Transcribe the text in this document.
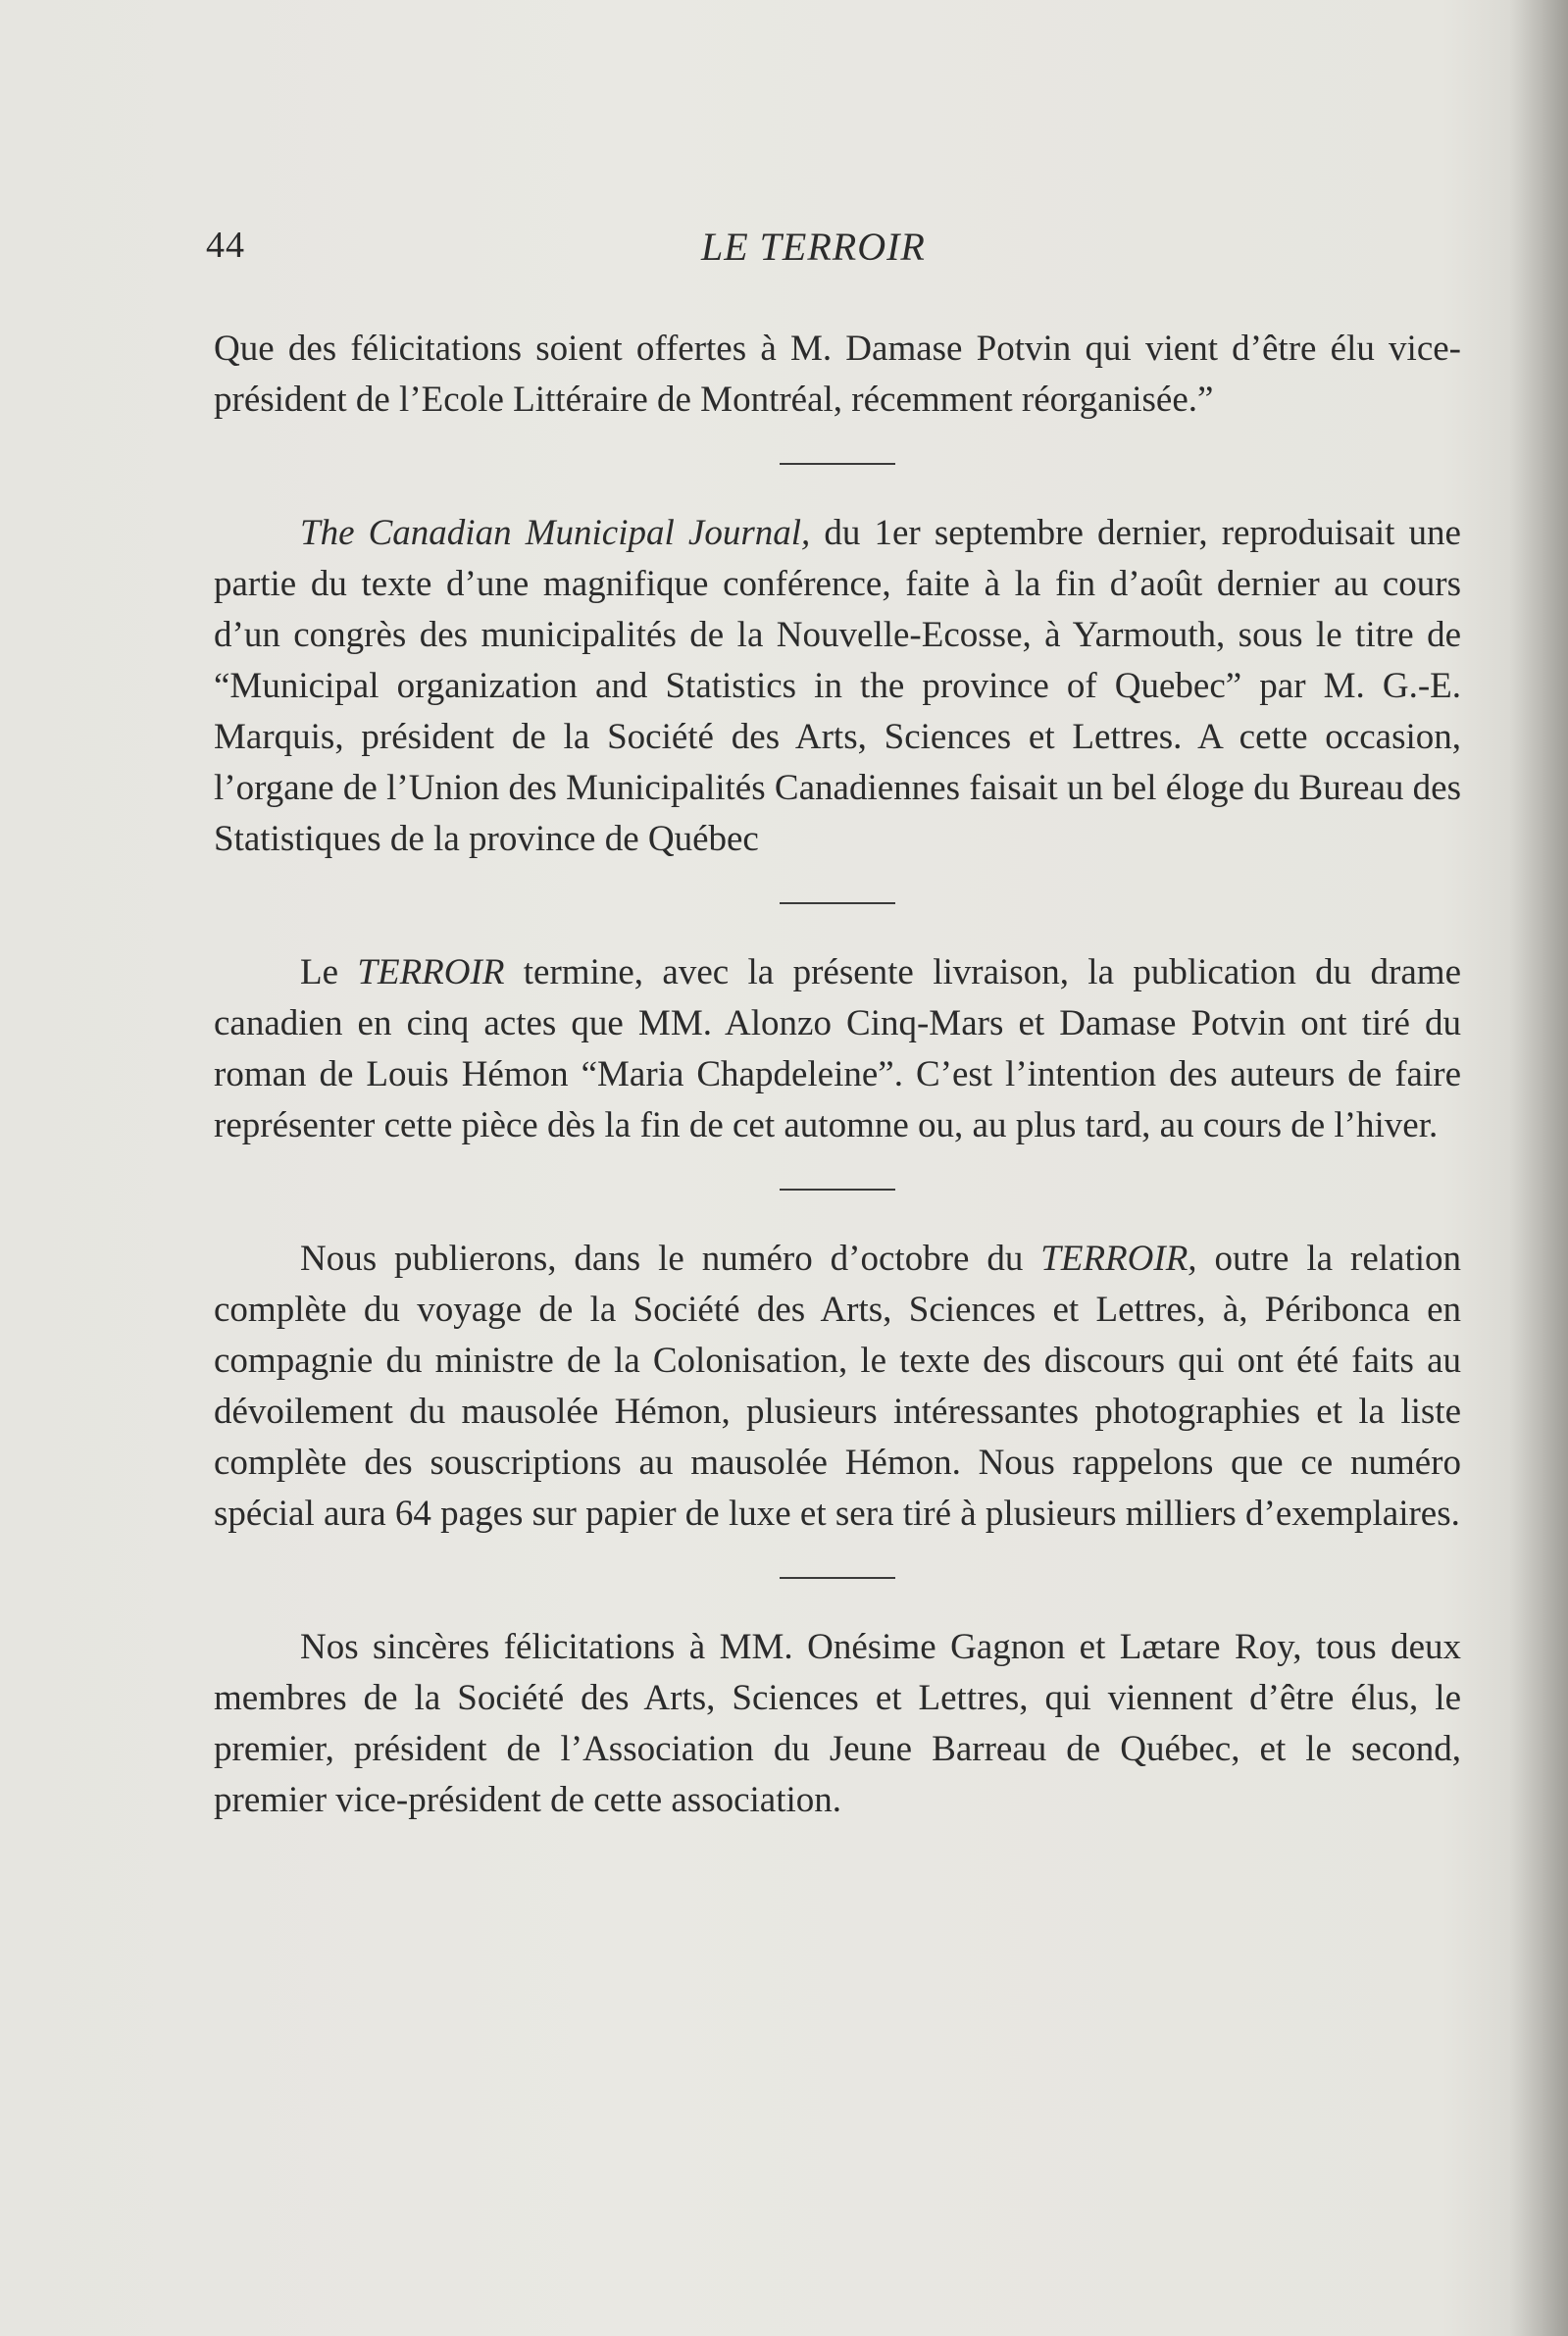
44	LE TERROIR

Que des félicitations soient offertes à M. Damase Potvin qui vient d’être élu vice-président de l’Ecole Littéraire de Montréal, récemment réorganisée.”

The Canadian Municipal Journal, du 1er septembre dernier, reproduisait une partie du texte d’une magnifique conférence, faite à la fin d’août dernier au cours d’un congrès des municipalités de la Nouvelle-Ecosse, à Yarmouth, sous le titre de “Municipal organization and Statistics in the province of Quebec” par M. G.-E. Marquis, président de la Société des Arts, Sciences et Lettres. A cette occasion, l’organe de l’Union des Municipalités Canadiennes faisait un bel éloge du Bureau des Statistiques de la province de Québec

Le TERROIR termine, avec la présente livraison, la publication du drame canadien en cinq actes que MM. Alonzo Cinq-Mars et Damase Potvin ont tiré du roman de Louis Hémon “Maria Chapdeleine”. C’est l’intention des auteurs de faire représenter cette pièce dès la fin de cet automne ou, au plus tard, au cours de l’hiver.

Nous publierons, dans le numéro d’octobre du TERROIR, outre la relation complète du voyage de la Société des Arts, Sciences et Lettres, à, Péribonca en compagnie du ministre de la Colonisation, le texte des discours qui ont été faits au dévoilement du mausolée Hémon, plusieurs intéressantes photographies et la liste complète des souscriptions au mausolée Hémon. Nous rappelons que ce numéro spécial aura 64 pages sur papier de luxe et sera tiré à plusieurs milliers d’exemplaires.

Nos sincères félicitations à MM. Onésime Gagnon et Lætare Roy, tous deux membres de la Société des Arts, Sciences et Lettres, qui viennent d’être élus, le premier, président de l’Association du Jeune Barreau de Québec, et le second, premier vice-président de cette association.
